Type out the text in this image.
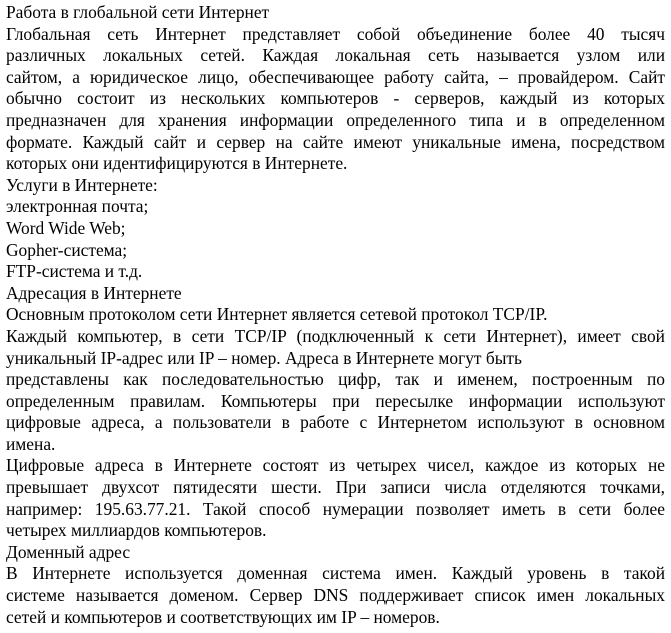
Работа в глобальной сети Интернет
Глобальная сеть Интернет представляет собой объединение более 40 тысяч
различных локальных сетей. Каждая локальная сеть называется узлом или
сайтом, а юридическое лицо, обеспечивающее работу сайта, – провайдером. Сайт
обычно состоит из нескольких компьютеров - серверов, каждый из которых
предназначен для хранения информации определенного типа и в определенном
формате. Каждый сайт и сервер на сайте имеют уникальные имена, посредством
которых они идентифицируются в Интернете.
Услуги в Интернете:
электронная почта;
Word Wide Web;
Gopher-система;
FTP-система и т.д.
Адресация в Интернете
Основным протоколом сети Интернет является сетевой протокол TCP/IP.
Каждый компьютер, в сети TCP/IP (подключенный к сети Интернет), имеет свой
уникальный IP-адрес или IP – номер. Адреса в Интернете могут быть
представлены как последовательностью цифр, так и именем, построенным по
определенным правилам. Компьютеры при пересылке информации используют
цифровые адреса, а пользователи в работе с Интернетом используют в основном
имена.
Цифровые адреса в Интернете состоят из четырех чисел, каждое из которых не
превышает двухсот пятидесяти шести. При записи числа отделяются точками,
например: 195.63.77.21. Такой способ нумерации позволяет иметь в сети более
четырех миллиардов компьютеров.
Доменный адрес
В Интернете используется доменная система имен. Каждый уровень в такой
системе называется доменом. Сервер DNS поддерживает список имен локальных
сетей и компьютеров и соответствующих им IP – номеров.
